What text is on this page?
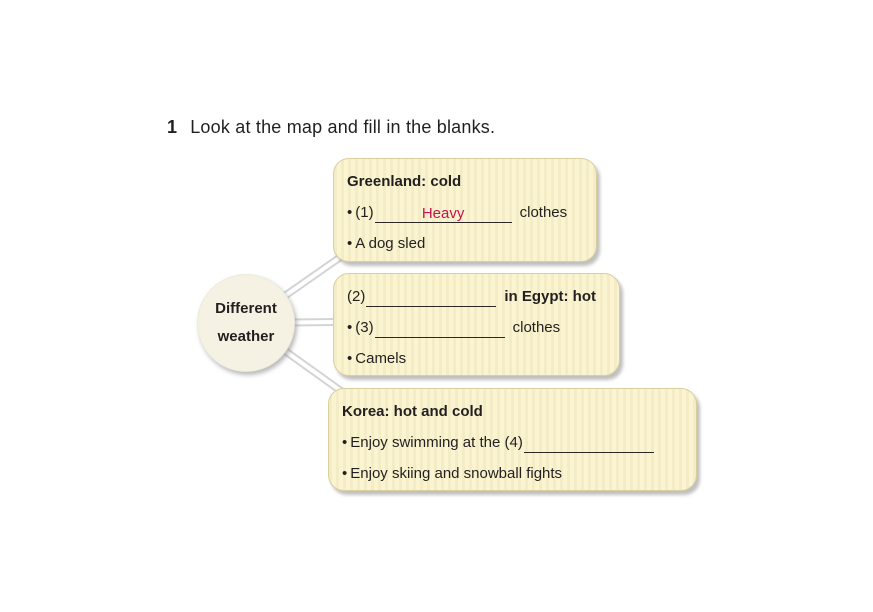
1 Look at the map and fill in the blanks.
Different
weather
Greenland: cold
• (1)	Heavy	clothes
• A dog sled
(2)	in Egypt: hot
• (3)	clothes
• Camels
Korea: hot and cold
• Enjoy swimming at the (4)
• Enjoy skiing and snowball fights
